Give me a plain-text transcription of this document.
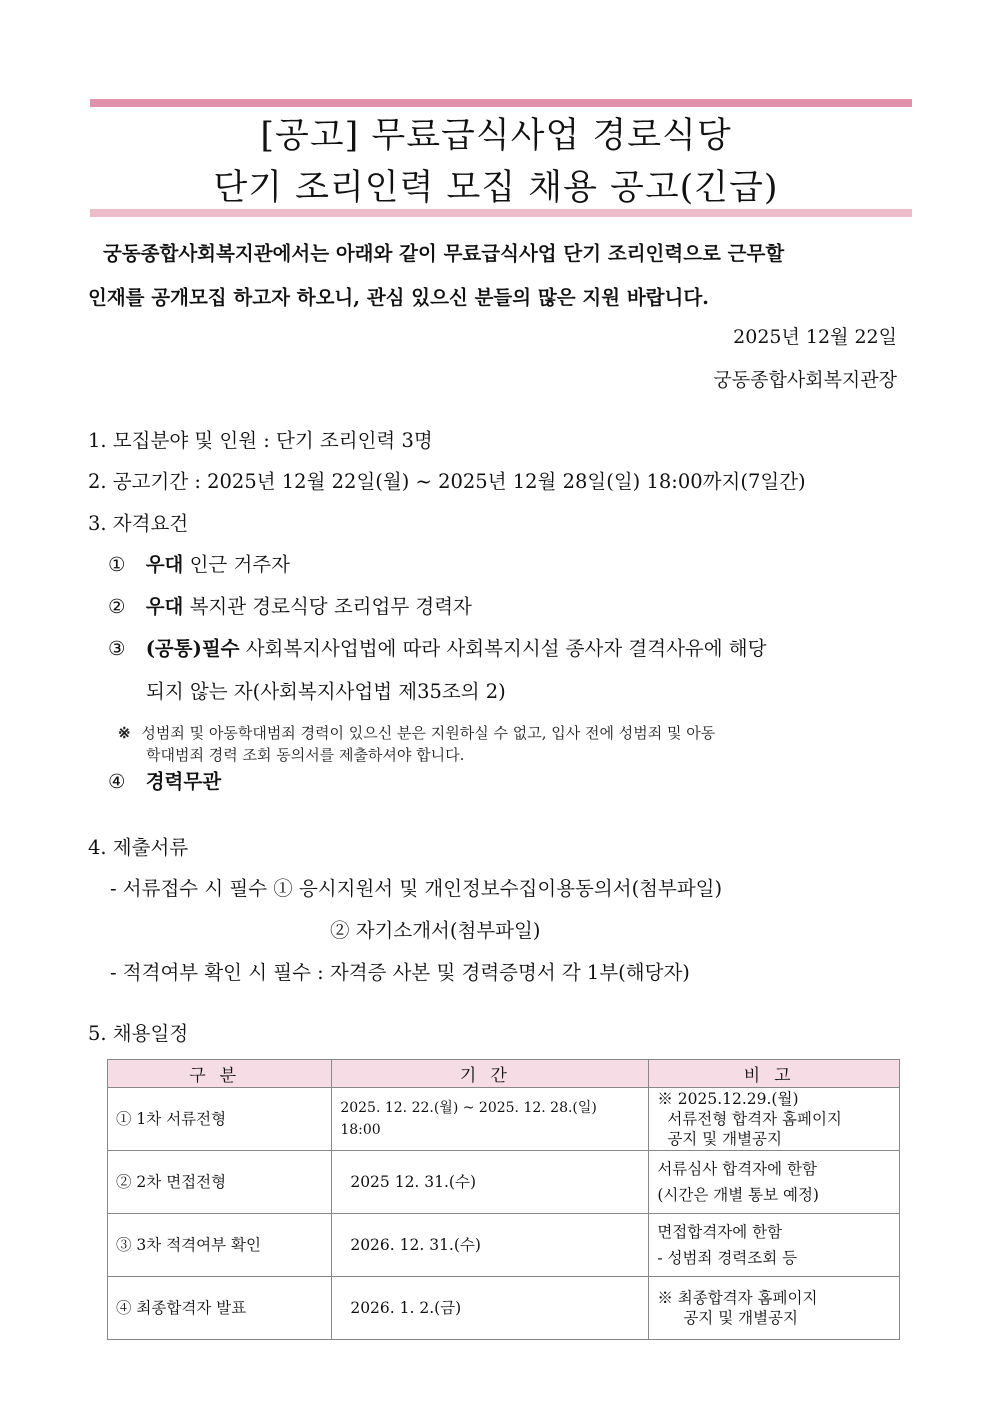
[공고] 무료급식사업 경로식당
단기 조리인력 모집 채용 공고(긴급)
궁동종합사회복지관에서는 아래와 같이 무료급식사업 단기 조리인력으로 근무할
인재를 공개모집 하고자 하오니, 관심 있으신 분들의 많은 지원 바랍니다.
2025년 12월 22일
궁동종합사회복지관장
1. 모집분야 및 인원 : 단기 조리인력 3명
2. 공고기간 : 2025년 12월 22일(월) ~ 2025년 12월 28일(일) 18:00까지(7일간)
3. 자격요건
① 우대 인근 거주자
② 우대 복지관 경로식당 조리업무 경력자
③ (공통)필수 사회복지사업법에 따라 사회복지시설 종사자 결격사유에 해당
되지 않는 자(사회복지사업법 제35조의 2)
※ 성범죄 및 아동학대범죄 경력이 있으신 분은 지원하실 수 없고, 입사 전에 성범죄 및 아동
학대범죄 경력 조회 동의서를 제출하셔야 합니다.
④ 경력무관
4. 제출서류
- 서류접수 시 필수 ① 응시지원서 및 개인정보수집이용동의서(첨부파일)
② 자기소개서(첨부파일)
- 적격여부 확인 시 필수 : 자격증 사본 및 경력증명서 각 1부(해당자)
5. 채용일정
구분	기간	비고
① 1차 서류전형	2025. 12. 22.(월) ~ 2025. 12. 28.(일) 18:00	※ 2025.12.29.(월)
서류전형 합격자 홈페이지
공지 및 개별공지

② 2차 면접전형	2025 12. 31.(수)	서류심사 합격자에 한함
(시간은 개별 통보 예정)

③ 3차 적격여부 확인	2026. 12. 31.(수)	면접합격자에 한함
- 성범죄 경력조회 등

④ 최종합격자 발표	2026. 1. 2.(금)	※ 최종합격자 홈페이지
공지 및 개별공지
